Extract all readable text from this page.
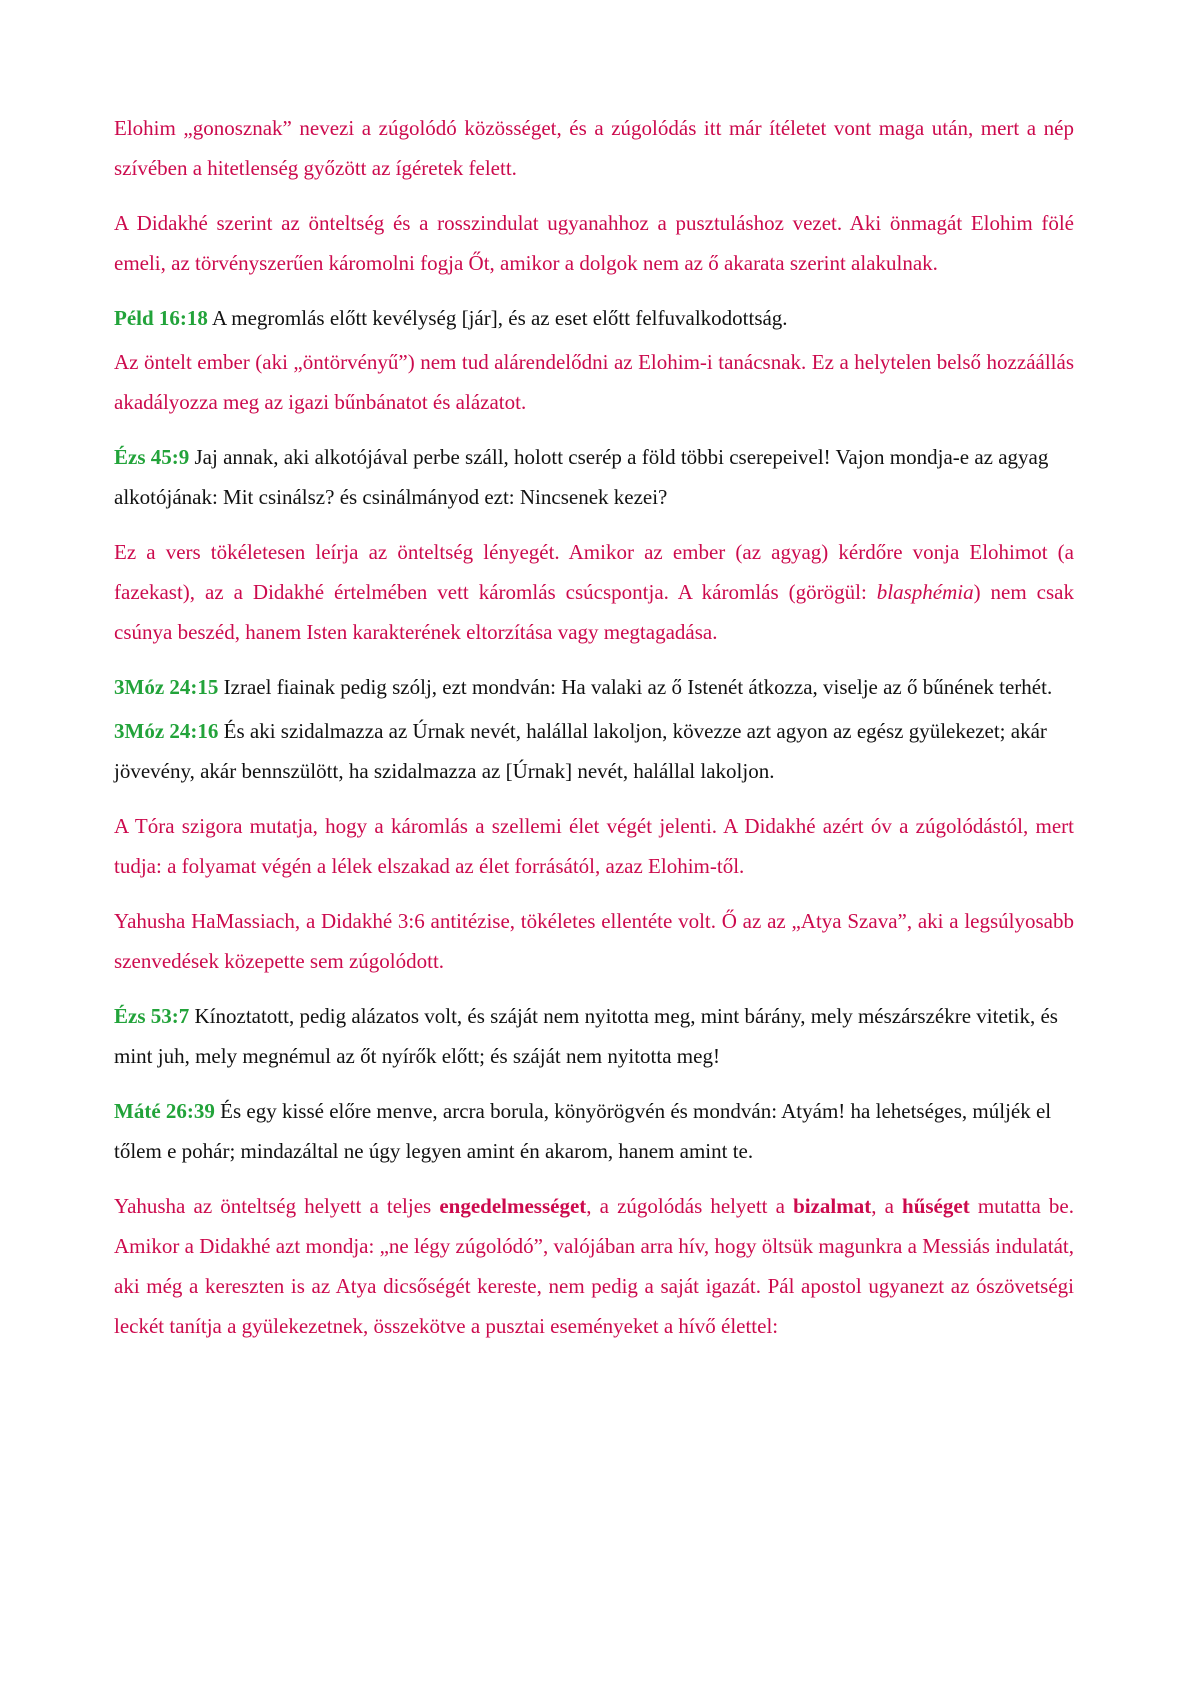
Elohim „gonosznak” nevezi a zúgolódó közösséget, és a zúgolódás itt már ítéletet vont maga után, mert a nép szívében a hitetlenség győzött az ígéretek felett.

A Didakhé szerint az önteltség és a rosszindulat ugyanahhoz a pusztuláshoz vezet. Aki önmagát Elohim fölé emeli, az törvényszerűen káromolni fogja Őt, amikor a dolgok nem az ő akarata szerint alakulnak.

Péld 16:18 A megromlás előtt kevélység [jár], és az eset előtt felfuvalkodottság.

Az öntelt ember (aki „öntörvényű”) nem tud alárendelődni az Elohim-i tanácsnak. Ez a helytelen belső hozzáállás akadályozza meg az igazi bűnbánatot és alázatot.

Ézs 45:9 Jaj annak, aki alkotójával perbe száll, holott cserép a föld többi cserepeivel! Vajon mondja-e az agyag alkotójának: Mit csinálsz? és csinálmányod ezt: Nincsenek kezei?

Ez a vers tökéletesen leírja az önteltség lényegét. Amikor az ember (az agyag) kérdőre vonja Elohimot (a fazekast), az a Didakhé értelmében vett káromlás csúcspontja. A káromlás (görögül: blasphémia) nem csak csúnya beszéd, hanem Isten karakterének eltorzítása vagy megtagadása.

3Móz 24:15 Izrael fiainak pedig szólj, ezt mondván: Ha valaki az ő Istenét átkozza, viselje az ő bűnének terhét.

3Móz 24:16 És aki szidalmazza az Úrnak nevét, halállal lakoljon, kövezze azt agyon az egész gyülekezet; akár jövevény, akár bennszülött, ha szidalmazza az [Úrnak] nevét, halállal lakoljon.

A Tóra szigora mutatja, hogy a káromlás a szellemi élet végét jelenti. A Didakhé azért óv a zúgolódástól, mert tudja: a folyamat végén a lélek elszakad az élet forrásától, azaz Elohim-től.

Yahusha HaMassiach, a Didakhé 3:6 antitézise, tökéletes ellentéte volt. Ő az az „Atya Szava”, aki a legsúlyosabb szenvedések közepette sem zúgolódott.

Ézs 53:7 Kínoztatott, pedig alázatos volt, és száját nem nyitotta meg, mint bárány, mely mészárszékre vitetik, és mint juh, mely megnémul az őt nyírők előtt; és száját nem nyitotta meg!

Máté 26:39 És egy kissé előre menve, arcra borula, könyörögvén és mondván: Atyám! ha lehetséges, múljék el tőlem e pohár; mindazáltal ne úgy legyen amint én akarom, hanem amint te.

Yahusha az önteltség helyett a teljes engedelmességet, a zúgolódás helyett a bizalmat, a hűséget mutatta be. Amikor a Didakhé azt mondja: „ne légy zúgolódó”, valójában arra hív, hogy öltsük magunkra a Messiás indulatát, aki még a kereszten is az Atya dicsőségét kereste, nem pedig a saját igazát. Pál apostol ugyanezt az ószövetségi leckét tanítja a gyülekezetnek, összekötve a pusztai eseményeket a hívő élettel:
